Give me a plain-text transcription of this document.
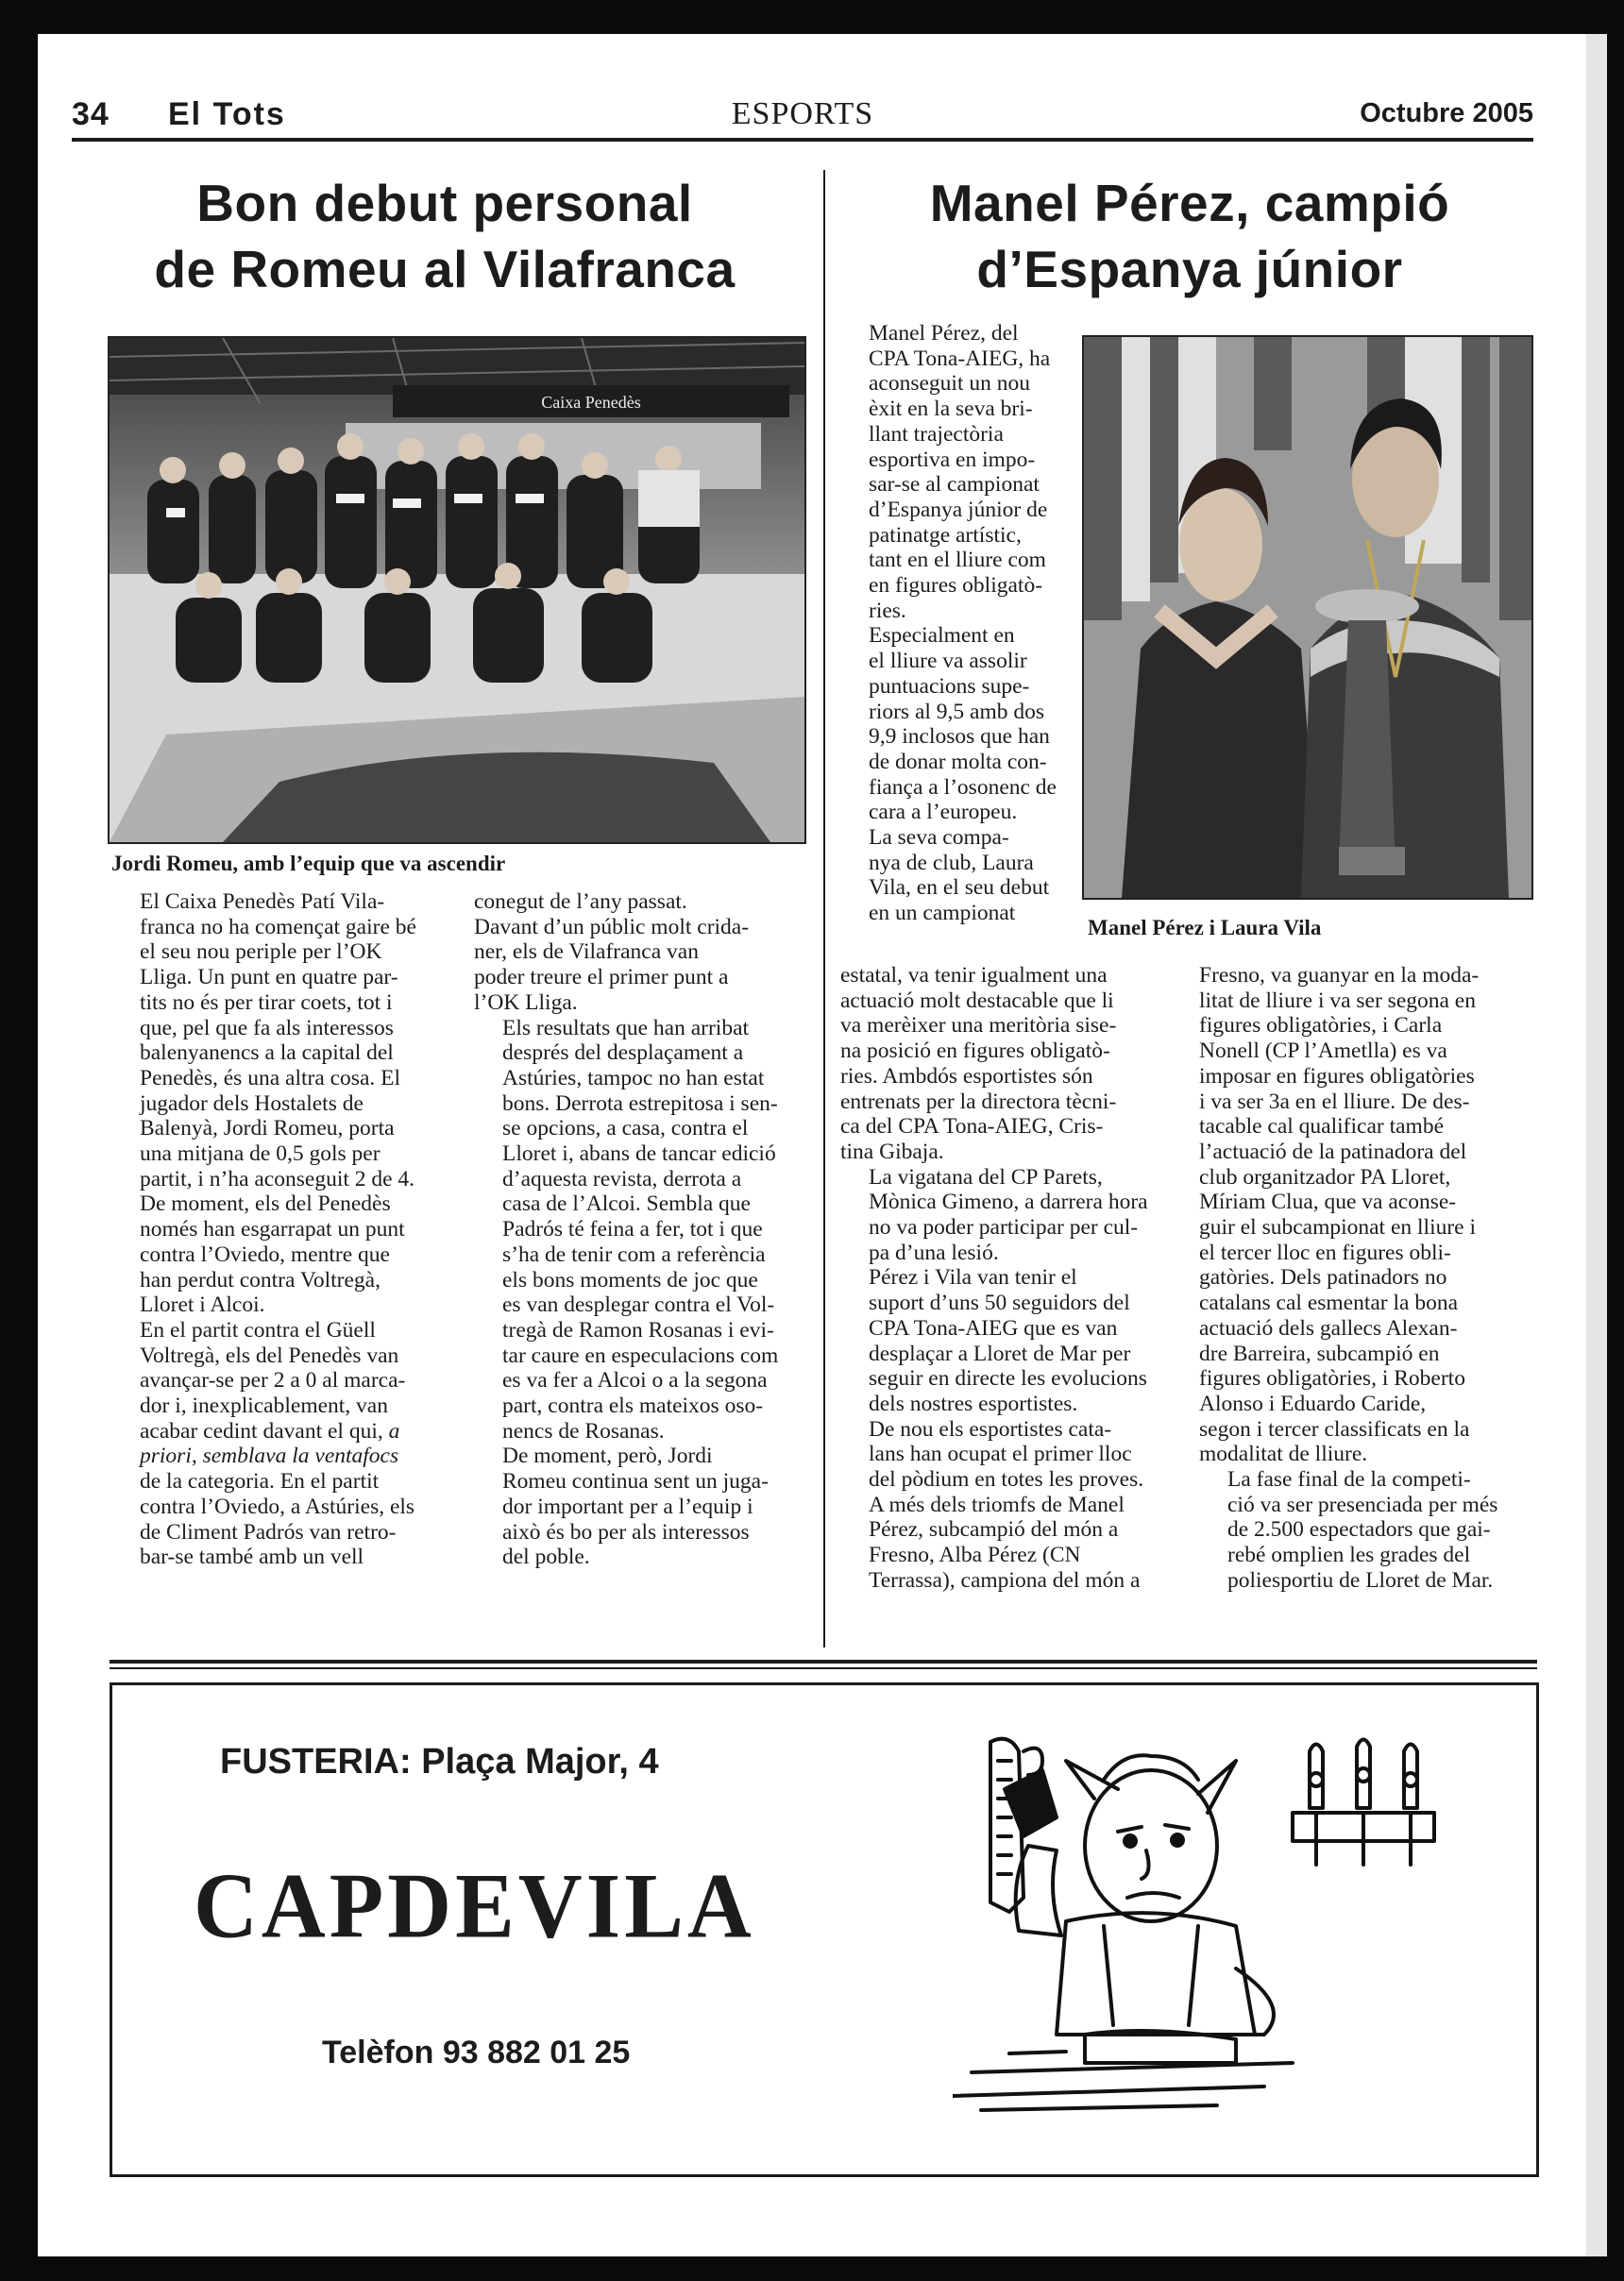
34 El Tots	ESPORTS	Octubre 2005
Bon debut personal
de Romeu al Vilafranca
Caixa Penedès
Jordi Romeu, amb l’equip que va ascendir

El Caixa Penedès Patí Vila-
franca no ha començat gaire bé
el seu nou periple per l’OK
Lliga. Un punt en quatre par-
tits no és per tirar coets, tot i
que, pel que fa als interessos
balenyanencs a la capital del
Penedès, és una altra cosa. El
jugador dels Hostalets de
Balenyà, Jordi Romeu, porta
una mitjana de 0,5 gols per
partit, i n’ha aconseguit 2 de 4.
De moment, els del Penedès
només han esgarrapat un punt
contra l’Oviedo, mentre que
han perdut contra Voltregà,
Lloret i Alcoi.

En el partit contra el Güell
Voltregà, els del Penedès van
avançar-se per 2 a 0 al marca-
dor i, inexplicablement, van
acabar cedint davant el qui, a
priori, semblava la ventafocs
de la categoria. En el partit
contra l’Oviedo, a Astúries, els
de Climent Padrós van retro-
bar-se també amb un vell

conegut de l’any passat.
Davant d’un públic molt crida-
ner, els de Vilafranca van
poder treure el primer punt a
l’OK Lliga.

Els resultats que han arribat
després del desplaçament a
Astúries, tampoc no han estat
bons. Derrota estrepitosa i sen-
se opcions, a casa, contra el
Lloret i, abans de tancar edició
d’aquesta revista, derrota a
casa de l’Alcoi. Sembla que
Padrós té feina a fer, tot i que
s’ha de tenir com a referència
els bons moments de joc que
es van desplegar contra el Vol-
tregà de Ramon Rosanas i evi-
tar caure en especulacions com
es va fer a Alcoi o a la segona
part, contra els mateixos oso-
nencs de Rosanas.

De moment, però, Jordi
Romeu continua sent un juga-
dor important per a l’equip i
això és bo per als interessos
del poble.

Manel Pérez, campió
d’Espanya júnior

Manel Pérez, del
CPA Tona-AIEG, ha
aconseguit un nou
èxit en la seva bri-
llant trajectòria
esportiva en impo-
sar-se al campionat
d’Espanya júnior de
patinatge artístic,
tant en el lliure com
en figures obligatò-
ries.

Especialment en
el lliure va assolir
puntuacions supe-
riors al 9,5 amb dos
9,9 inclosos que han
de donar molta con-
fiança a l’osonenc de
cara a l’europeu.

La seva compa-
nya de club, Laura
Vila, en el seu debut
en un campionat

Manel Pérez i Laura Vila

estatal, va tenir igualment una
actuació molt destacable que li
va merèixer una meritòria sise-
na posició en figures obligatò-
ries. Ambdós esportistes són
entrenats per la directora tècni-
ca del CPA Tona-AIEG, Cris-
tina Gibaja.

La vigatana del CP Parets,
Mònica Gimeno, a darrera hora
no va poder participar per cul-
pa d’una lesió.

Pérez i Vila van tenir el
suport d’uns 50 seguidors del
CPA Tona-AIEG que es van
desplaçar a Lloret de Mar per
seguir en directe les evolucions
dels nostres esportistes.

De nou els esportistes cata-
lans han ocupat el primer lloc
del pòdium en totes les proves.
A més dels triomfs de Manel
Pérez, subcampió del món a
Fresno, Alba Pérez (CN
Terrassa), campiona del món a

Fresno, va guanyar en la moda-
litat de lliure i va ser segona en
figures obligatòries, i Carla
Nonell (CP l’Ametlla) es va
imposar en figures obligatòries
i va ser 3a en el lliure. De des-
tacable cal qualificar també
l’actuació de la patinadora del
club organitzador PA Lloret,
Míriam Clua, que va aconse-
guir el subcampionat en lliure i
el tercer lloc en figures obli-
gatòries. Dels patinadors no
catalans cal esmentar la bona
actuació dels gallecs Alexan-
dre Barreira, subcampió en
figures obligatòries, i Roberto
Alonso i Eduardo Caride,
segon i tercer classificats en la
modalitat de lliure.

La fase final de la competi-
ció va ser presenciada per més
de 2.500 espectadors que gai-
rebé omplien les grades del
poliesportiu de Lloret de Mar.

FUSTERIA: Plaça Major, 4
CAPDEVILA
Telèfon 93 882 01 25
